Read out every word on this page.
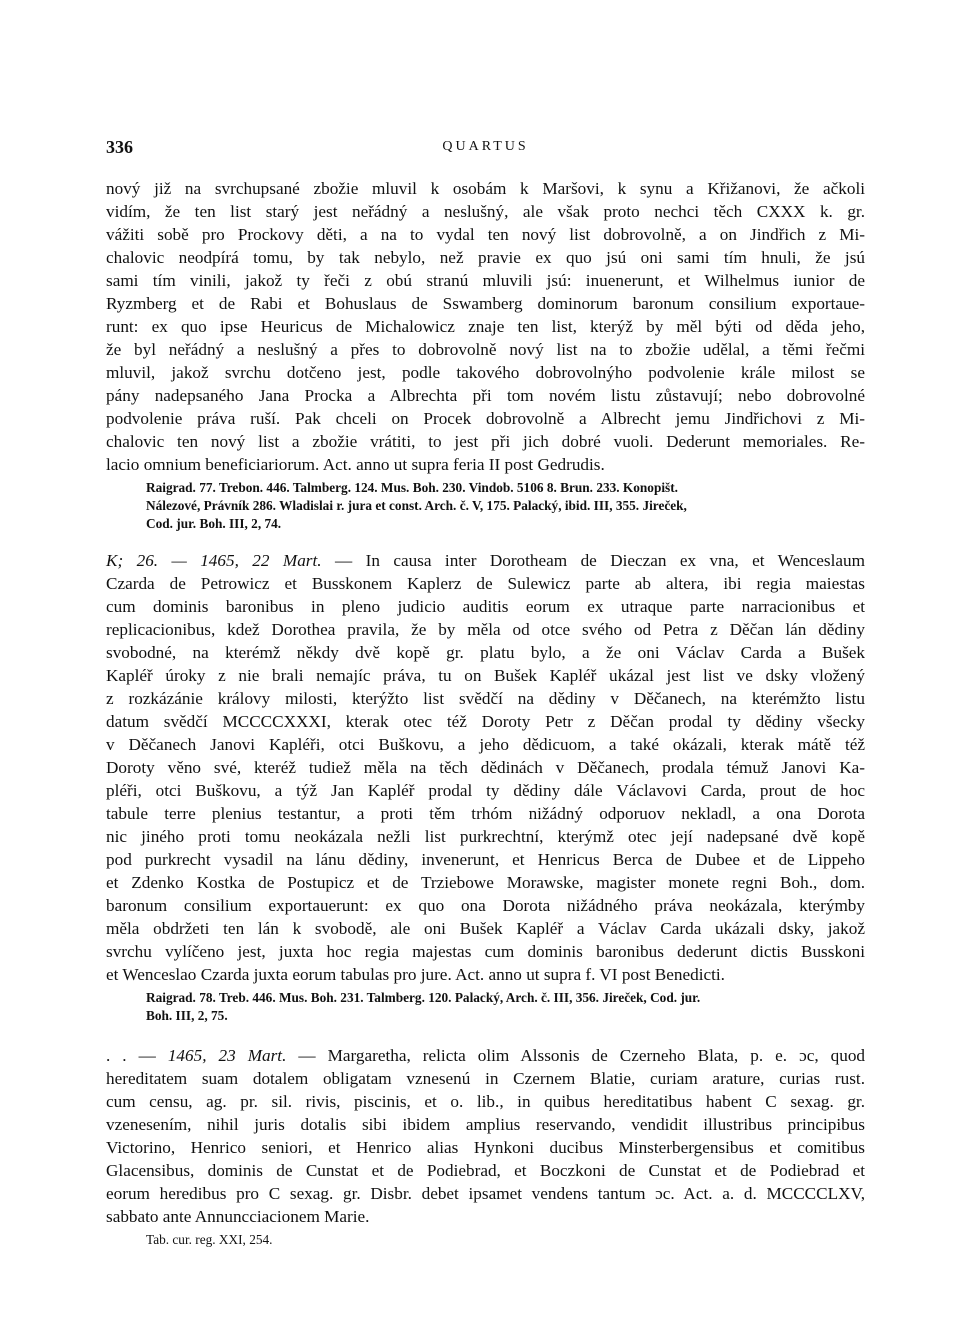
336	QUARTUS
nový již na svrchupsané zbožie mluvil k osobám k Maršovi, k synu a Křižanovi, že ačkoli
vidím, že ten list starý jest neřádný a neslušný, ale však proto nechci těch CXXX k. gr.
vážiti sobě pro Prockovy děti, a na to vydal ten nový list dobrovolně, a on Jindřich z Mi-
chalovic neodpírá tomu, by tak nebylo, než pravie ex quo jsú oni sami tím hnuli, že jsú
sami tím vinili, jakož ty řeči z obú stranú mluvili jsú: inuenerunt, et Wilhelmus iunior de
Ryzmberg et de Rabi et Bohuslaus de Sswamberg dominorum baronum consilium exportaue-
runt: ex quo ipse Heuricus de Michalowicz znaje ten list, kterýž by měl býti od děda jeho,
že byl neřádný a neslušný a přes to dobrovolně nový list na to zbožie udělal, a těmi řečmi
mluvil, jakož svrchu dotčeno jest, podle takového dobrovolnýho podvolenie krále milost se
pány nadepsaného Jana Procka a Albrechta při tom novém listu zůstavují; nebo dobrovolné
podvolenie práva ruší. Pak chceli on Procek dobrovolně a Albrecht jemu Jindřichovi z Mi-
chalovic ten nový list a zbožie vrátiti, to jest při jich dobré vuoli. Dederunt memoriales. Re-
lacio omnium beneficiariorum. Act. anno ut supra feria II post Gedrudis.
Raigrad. 77. Trebon. 446. Talmberg. 124. Mus. Boh. 230. Vindob. 5106 8. Brun. 233. Konopišt.
Nálezové, Právník 286. Wladislai r. jura et const. Arch. č. V, 175. Palacký, ibid. III, 355. Jireček,
Cod. jur. Boh. III, 2, 74.
K; 26. — 1465, 22 Mart. — In causa inter Dorotheam de Dieczan ex vna, et Wenceslaum
Czarda de Petrowicz et Busskonem Kaplerz de Sulewicz parte ab altera, ibi regia maiestas
cum dominis baronibus in pleno judicio auditis eorum ex utraque parte narracionibus et
replicacionibus, kdež Dorothea pravila, že by měla od otce svého od Petra z Děčan lán dědiny
svobodné, na kterémž někdy dvě kopě gr. platu bylo, a že oni Václav Carda a Bušek
Kapléř úroky z nie brali nemajíc práva, tu on Bušek Kapléř ukázal jest list ve dsky vložený
z rozkázánie královy milosti, kterýžto list svědčí na dědiny v Děčanech, na kterémžto listu
datum svědčí MCCCCXXXI, kterak otec též Doroty Petr z Děčan prodal ty dědiny všecky
v Děčanech Janovi Kapléři, otci Buškovu, a jeho dědicuom, a také okázali, kterak mátě též
Doroty věno své, kteréž tudiež měla na těch dědinách v Děčanech, prodala témuž Janovi Ka-
pléři, otci Buškovu, a týž Jan Kapléř prodal ty dědiny dále Václavovi Carda, prout de hoc
tabule terre plenius testantur, a proti těm trhóm nižádný odporuov nekladl, a ona Dorota
nic jiného proti tomu neokázala nežli list purkrechtní, kterýmž otec její nadepsané dvě kopě
pod purkrecht vysadil na lánu dědiny, invenerunt, et Henricus Berca de Dubee et de Lippeho
et Zdenko Kostka de Postupicz et de Trziebowe Morawske, magister monete regni Boh., dom.
baronum consilium exportauerunt: ex quo ona Dorota nižádného práva neokázala, kterýmby
měla obdržeti ten lán k svobodě, ale oni Bušek Kapléř a Václav Carda ukázali dsky, jakož
svrchu vylíčeno jest, juxta hoc regia majestas cum dominis baronibus dederunt dictis Busskoni
et Wenceslao Czarda juxta eorum tabulas pro jure. Act. anno ut supra f. VI post Benedicti.
Raigrad. 78. Treb. 446. Mus. Boh. 231. Talmberg. 120. Palacký, Arch. č. III, 356. Jireček, Cod. jur.
Boh. III, 2, 75.
. . — 1465, 23 Mart. — Margaretha, relicta olim Alssonis de Czerneho Blata, p. e. ɔc, quod
hereditatem suam dotalem obligatam vznesenú in Czernem Blatie, curiam arature, curias rust.
cum censu, ag. pr. sil. rivis, piscinis, et o. lib., in quibus hereditatibus habent C sexag. gr.
vzenesením, nihil juris dotalis sibi ibidem amplius reservando, vendidit illustribus principibus
Victorino, Henrico seniori, et Henrico alias Hynkoni ducibus Minsterbergensibus et comitibus
Glacensibus, dominis de Cunstat et de Podiebrad, et Boczkoni de Cunstat et de Podiebrad et
eorum heredibus pro C sexag. gr. Disbr. debet ipsamet vendens tantum ɔc. Act. a. d. MCCCCLXV,
sabbato ante Annuncciacionem Marie.
Tab. cur. reg. XXI, 254.
